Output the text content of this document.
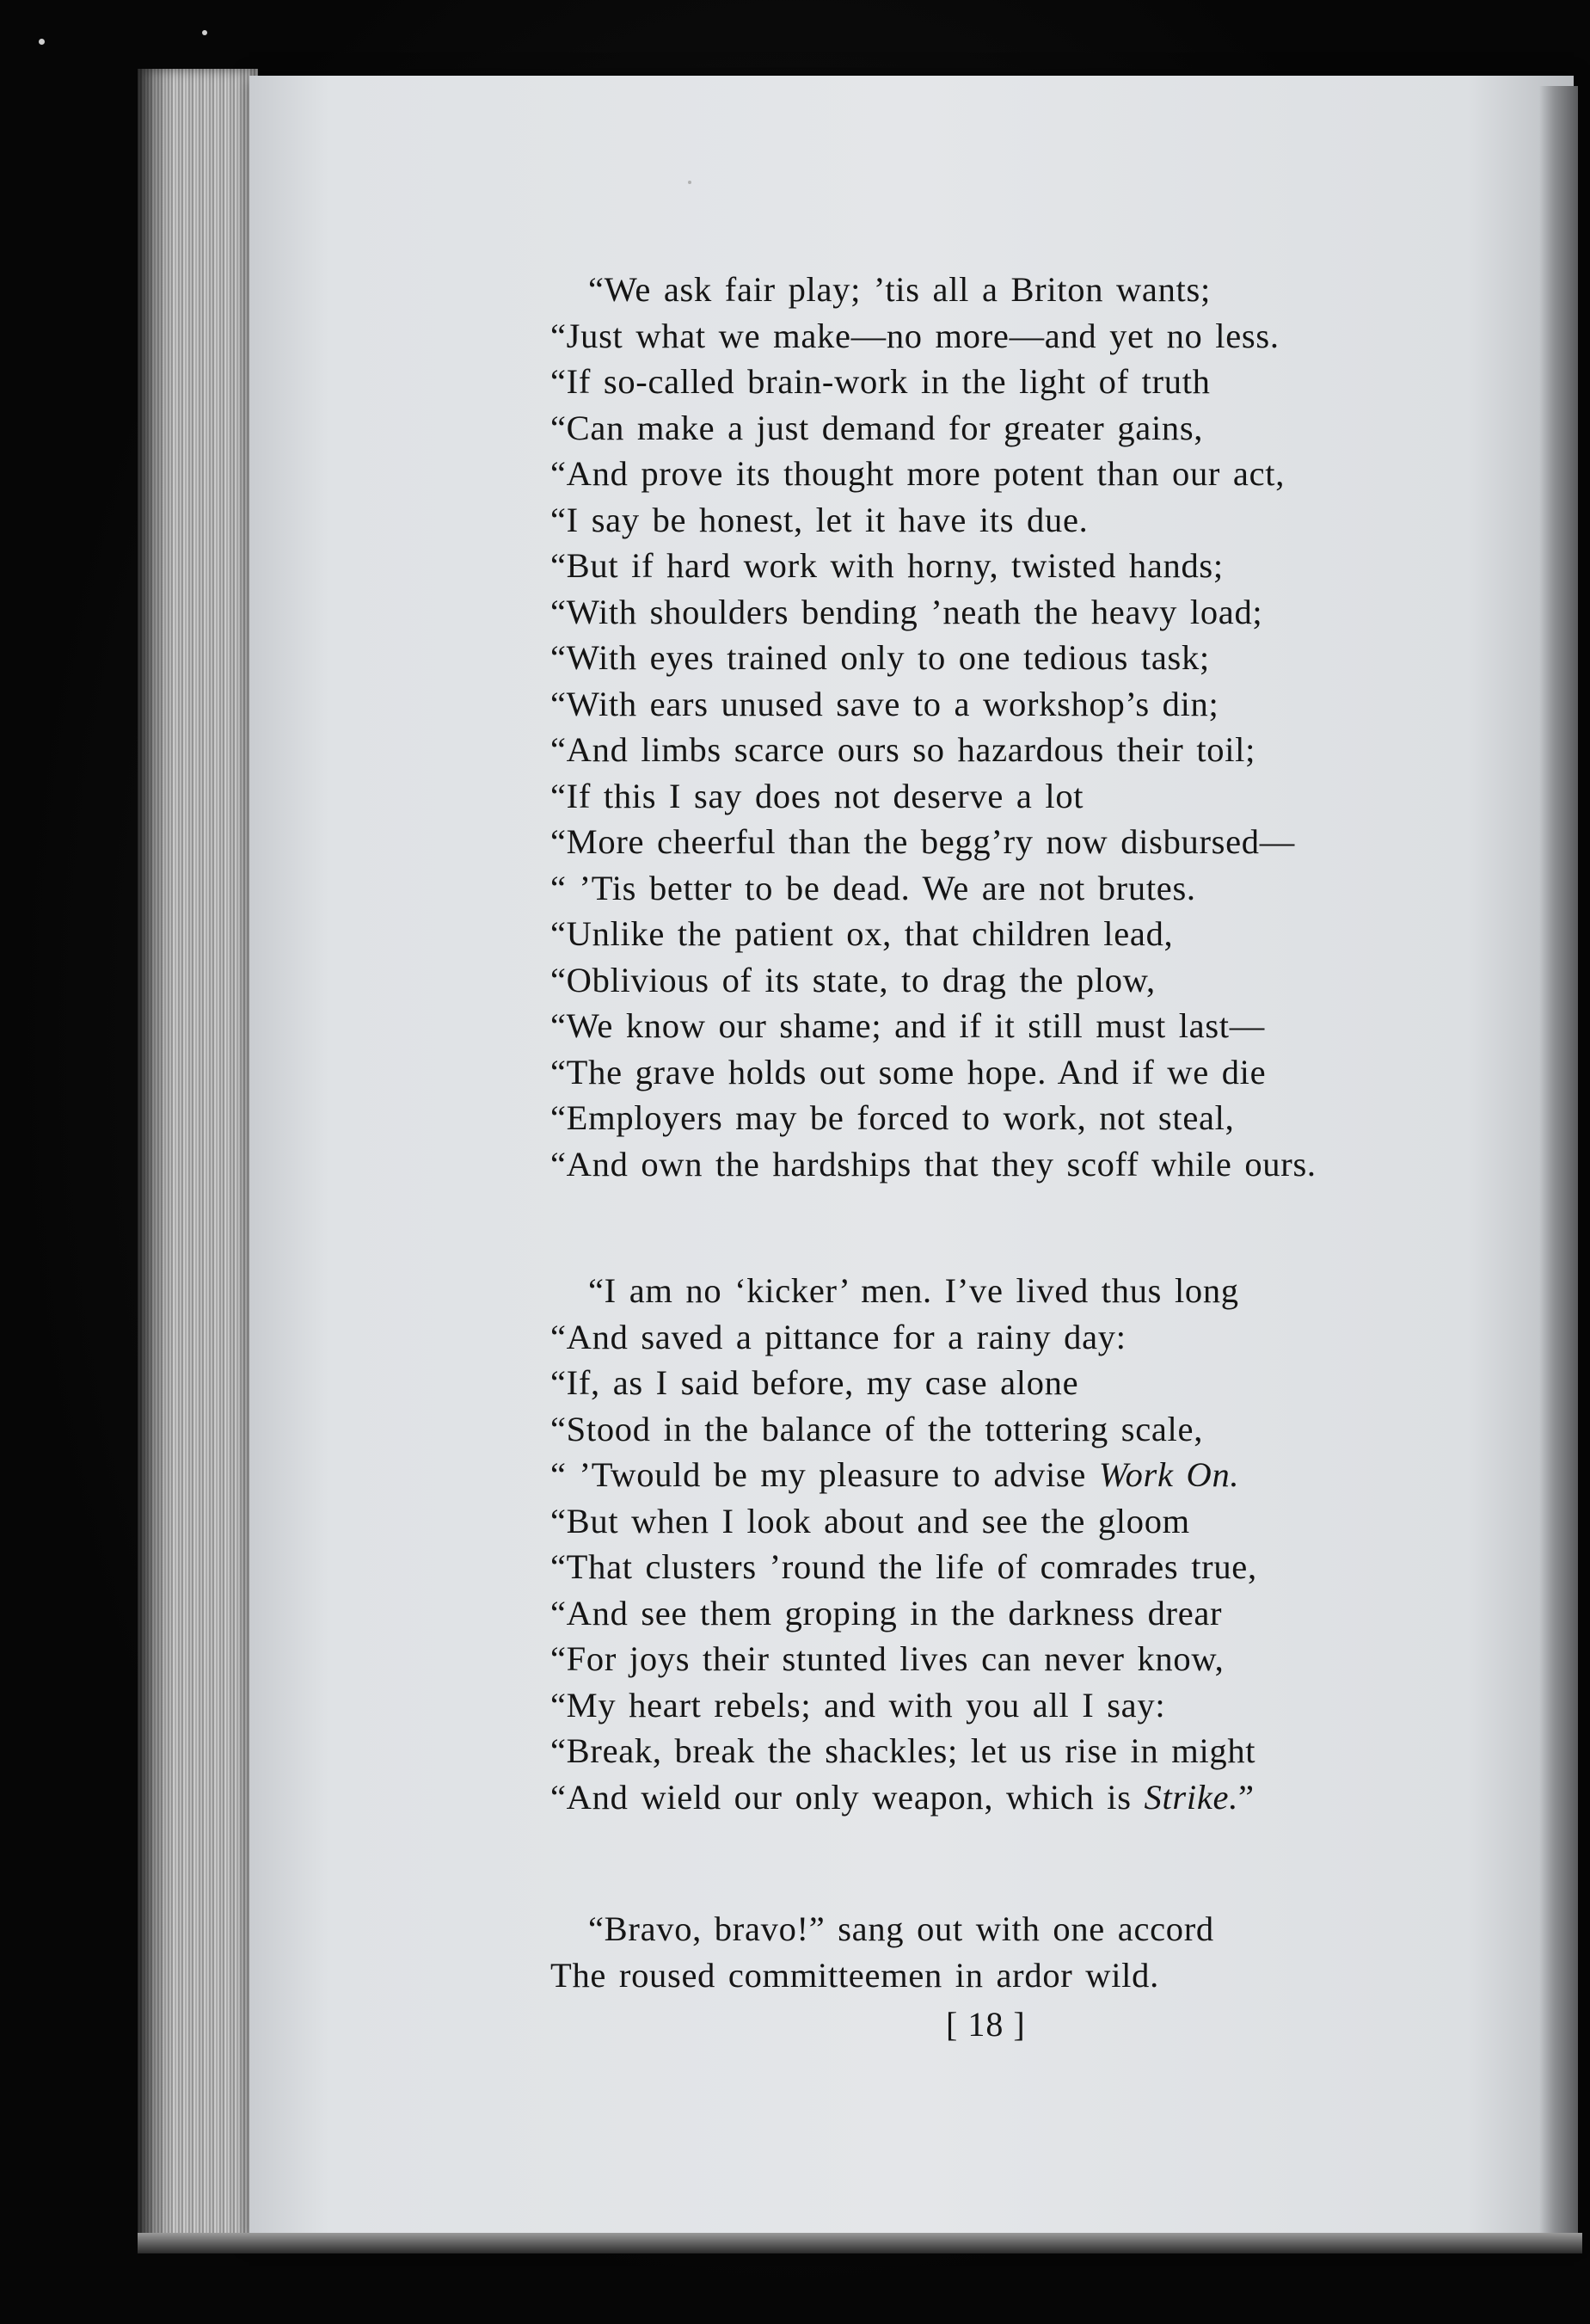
“We ask fair play; ’tis all a Briton wants;
“Just what we make—no more—and yet no less.
“If so-called brain-work in the light of truth
“Can make a just demand for greater gains,
“And prove its thought more potent than our act,
“I say be honest, let it have its due.
“But if hard work with horny, twisted hands;
“With shoulders bending ’neath the heavy load;
“With eyes trained only to one tedious task;
“With ears unused save to a workshop’s din;
“And limbs scarce ours so hazardous their toil;
“If this I say does not deserve a lot
“More cheerful than the begg’ry now disbursed—
“ ’Tis better to be dead. We are not brutes.
“Unlike the patient ox, that children lead,
“Oblivious of its state, to drag the plow,
“We know our shame; and if it still must last—
“The grave holds out some hope. And if we die
“Employers may be forced to work, not steal,
“And own the hardships that they scoff while ours.
“I am no ‘kicker’ men. I’ve lived thus long
“And saved a pittance for a rainy day:
“If, as I said before, my case alone
“Stood in the balance of the tottering scale,
“ ’Twould be my pleasure to advise Work On.
“But when I look about and see the gloom
“That clusters ’round the life of comrades true,
“And see them groping in the darkness drear
“For joys their stunted lives can never know,
“My heart rebels; and with you all I say:
“Break, break the shackles; let us rise in might
“And wield our only weapon, which is Strike.”
“Bravo, bravo!” sang out with one accord
The roused committeemen in ardor wild.
[ 18 ]
